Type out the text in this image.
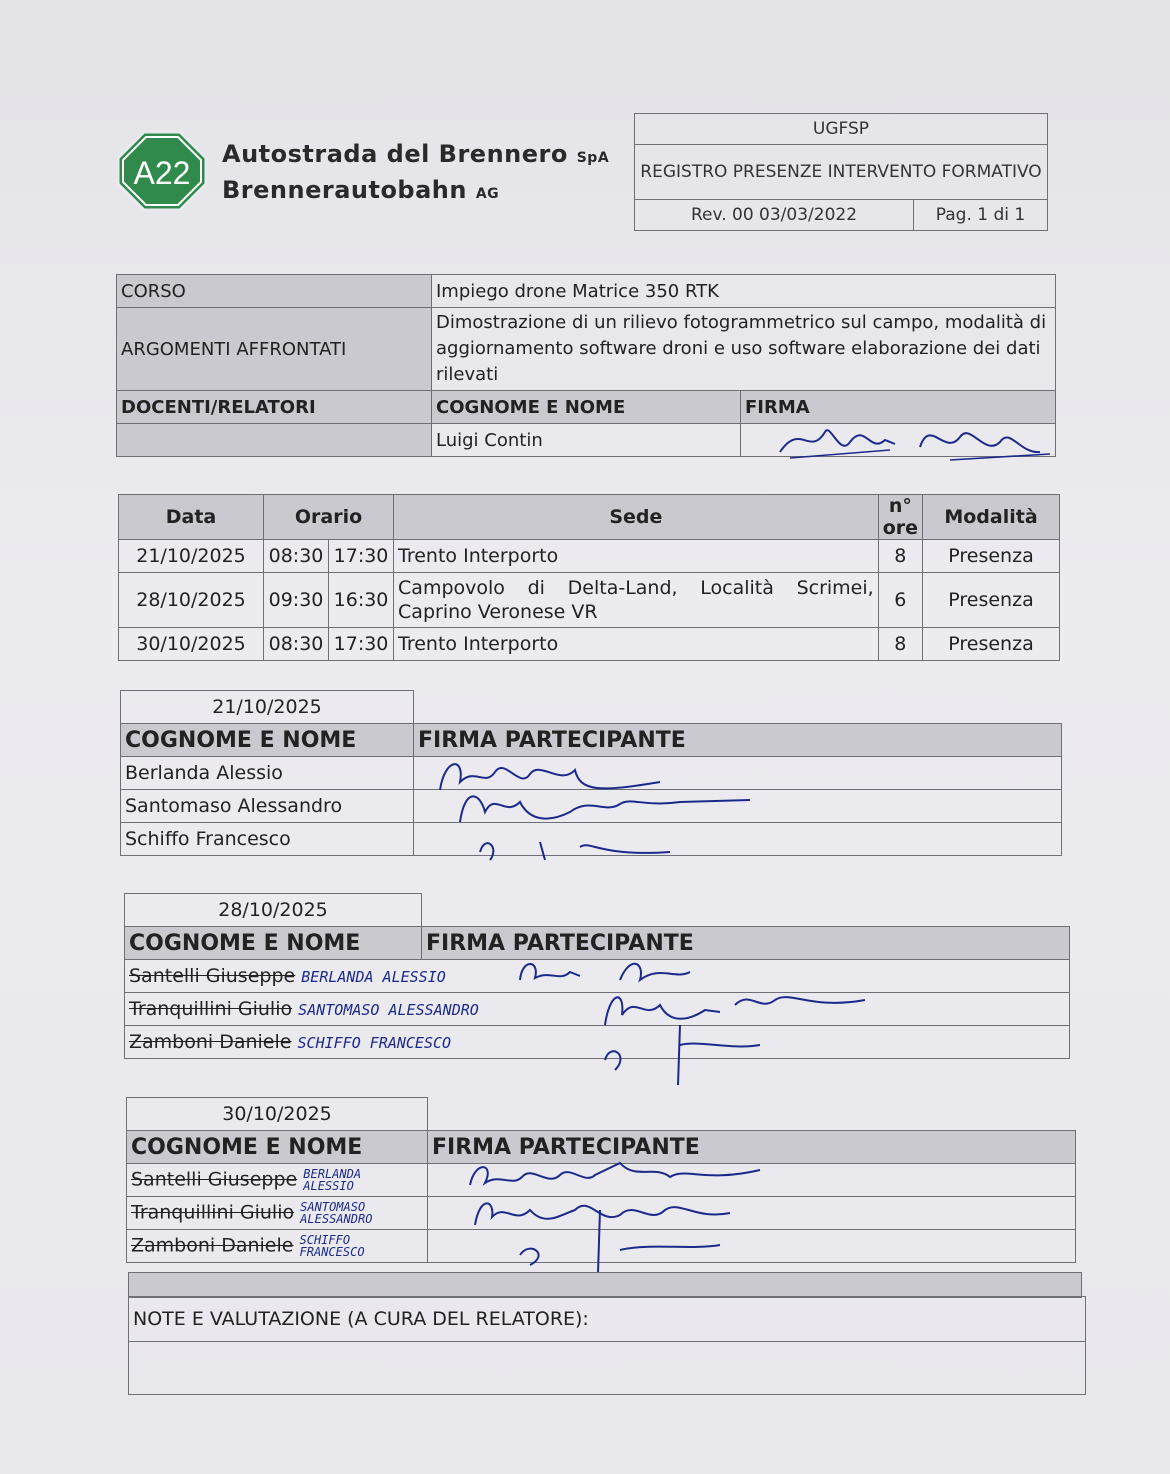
A22
Autostrada del Brennero SpA
Brennerautobahn AG
UGFSP
REGISTRO PRESENZE INTERVENTO FORMATIVO
Rev. 00 03/03/2022	Pag. 1 di 1
CORSO	Impiego drone Matrice 350 RTK	
ARGOMENTI AFFRONTATI	Dimostrazione di un rilievo fotogrammetrico sul campo, modalità di aggiornamento software droni e uso software elaborazione dei dati rilevati	
DOCENTI/RELATORI	COGNOME E NOME	FIRMA
	Luigi Contin	
Data	Orario		Sede	n° ore	Modalità
21/10/2025	08:30	17:30	Trento Interporto	8	Presenza
28/10/2025	09:30	16:30	Campovolo di Delta-Land, Località Scrimei, Caprino Veronese VR	6	Presenza
30/10/2025	08:30	17:30	Trento Interporto	8	Presenza
21/10/2025	
COGNOME E NOME	FIRMA PARTECIPANTE
Berlanda Alessio	
Santomaso Alessandro	
Schiffo Francesco	
28/10/2025	
COGNOME E NOME	FIRMA PARTECIPANTE
Santelli Giuseppe BERLANDA ALESSIO	
Tranquillini Giulio SANTOMASO ALESSANDRO	
Zamboni Daniele SCHIFFO FRANCESCO	
30/10/2025	
COGNOME E NOME	FIRMA PARTECIPANTE
Santelli Giuseppe BERLANDA ALESSIO	
Tranquillini Giulio SANTOMASO ALESSANDRO	
Zamboni Daniele SCHIFFO FRANCESCO	
NOTE E VALUTAZIONE (A CURA DEL RELATORE):
